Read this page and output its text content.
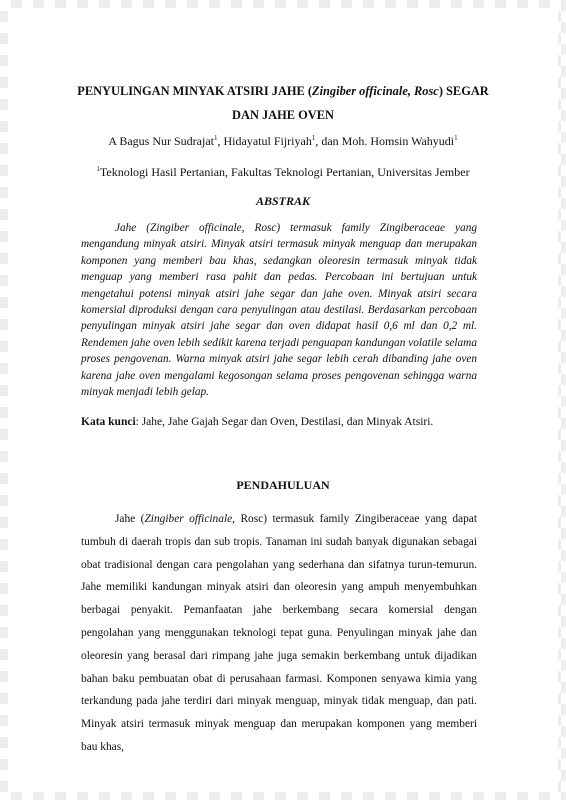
PENYULINGAN MINYAK ATSIRI JAHE (Zingiber officinale, Rosc) SEGAR
DAN JAHE OVEN
A Bagus Nur Sudrajat$^1$, Hidayatul Fijriyah$^1$, dan Moh. Homsin Wahyudi$^1$
$^1$Teknologi Hasil Pertanian, Fakultas Teknologi Pertanian, Universitas Jember
ABSTRAK

Jahe (Zingiber officinale, Rosc) termasuk family Zingiberaceae yang mengandung minyak atsiri. Minyak atsiri termasuk minyak menguap dan merupakan komponen yang memberi bau khas, sedangkan oleoresin termasuk minyak tidak menguap yang memberi rasa pahit dan pedas. Percobaan ini bertujuan untuk mengetahui potensi minyak atsiri jahe segar dan jahe oven. Minyak atsiri secara komersial diproduksi dengan cara penyulingan atau destilasi. Berdasarkan percobaan penyulingan minyak atsiri jahe segar dan oven didapat hasil 0,6 ml dan 0,2 ml. Rendemen jahe oven lebih sedikit karena terjadi penguapan kandungan volatile selama proses pengovenan. Warna minyak atsiri jahe segar lebih cerah dibanding jahe oven karena jahe oven mengalami kegosongan selama proses pengovenan sehingga warna minyak menjadi lebih gelap.

Kata kunci: Jahe, Jahe Gajah Segar dan Oven, Destilasi, dan Minyak Atsiri.

PENDAHULUAN

Jahe (Zingiber officinale, Rosc) termasuk family Zingiberaceae yang dapat tumbuh di daerah tropis dan sub tropis. Tanaman ini sudah banyak digunakan sebagai obat tradisional dengan cara pengolahan yang sederhana dan sifatnya turun-temurun. Jahe memiliki kandungan minyak atsiri dan oleoresin yang ampuh menyembuhkan berbagai penyakit. Pemanfaatan jahe berkembang secara komersial dengan pengolahan yang menggunakan teknologi tepat guna. Penyulingan minyak jahe dan oleoresin yang berasal dari rimpang jahe juga semakin berkembang untuk dijadikan bahan baku pembuatan obat di perusahaan farmasi. Komponen senyawa kimia yang terkandung pada jahe terdiri dari minyak menguap, minyak tidak menguap, dan pati. Minyak atsiri termasuk minyak menguap dan merupakan komponen yang memberi bau khas,
